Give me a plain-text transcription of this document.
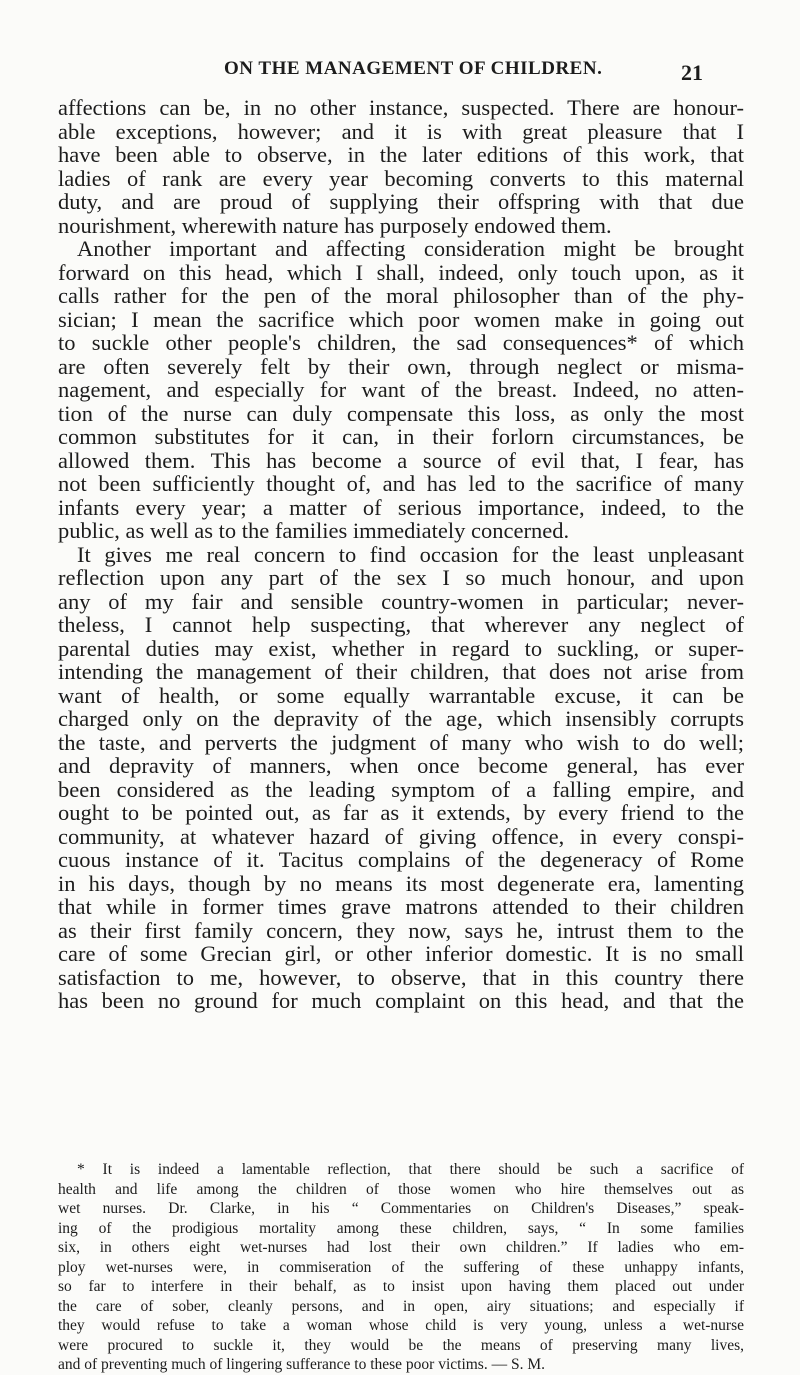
ON THE MANAGEMENT OF CHILDREN.	21
affections can be, in no other instance, suspected. There are honour-
able exceptions, however; and it is with great pleasure that I
have been able to observe, in the later editions of this work, that
ladies of rank are every year becoming converts to this maternal
duty, and are proud of supplying their offspring with that due
nourishment, wherewith nature has purposely endowed them.
Another important and affecting consideration might be brought
forward on this head, which I shall, indeed, only touch upon, as it
calls rather for the pen of the moral philosopher than of the phy-
sician; I mean the sacrifice which poor women make in going out
to suckle other people's children, the sad consequences* of which
are often severely felt by their own, through neglect or misma-
nagement, and especially for want of the breast. Indeed, no atten-
tion of the nurse can duly compensate this loss, as only the most
common substitutes for it can, in their forlorn circumstances, be
allowed them. This has become a source of evil that, I fear, has
not been sufficiently thought of, and has led to the sacrifice of many
infants every year; a matter of serious importance, indeed, to the
public, as well as to the families immediately concerned.
It gives me real concern to find occasion for the least unpleasant
reflection upon any part of the sex I so much honour, and upon
any of my fair and sensible country-women in particular; never-
theless, I cannot help suspecting, that wherever any neglect of
parental duties may exist, whether in regard to suckling, or super-
intending the management of their children, that does not arise from
want of health, or some equally warrantable excuse, it can be
charged only on the depravity of the age, which insensibly corrupts
the taste, and perverts the judgment of many who wish to do well;
and depravity of manners, when once become general, has ever
been considered as the leading symptom of a falling empire, and
ought to be pointed out, as far as it extends, by every friend to the
community, at whatever hazard of giving offence, in every conspi-
cuous instance of it. Tacitus complains of the degeneracy of Rome
in his days, though by no means its most degenerate era, lamenting
that while in former times grave matrons attended to their children
as their first family concern, they now, says he, intrust them to the
care of some Grecian girl, or other inferior domestic. It is no small
satisfaction to me, however, to observe, that in this country there
has been no ground for much complaint on this head, and that the
* It is indeed a lamentable reflection, that there should be such a sacrifice of
health and life among the children of those women who hire themselves out as
wet nurses. Dr. Clarke, in his “ Commentaries on Children's Diseases,” speak-
ing of the prodigious mortality among these children, says, “ In some families
six, in others eight wet-nurses had lost their own children.” If ladies who em-
ploy wet-nurses were, in commiseration of the suffering of these unhappy infants,
so far to interfere in their behalf, as to insist upon having them placed out under
the care of sober, cleanly persons, and in open, airy situations; and especially if
they would refuse to take a woman whose child is very young, unless a wet-nurse
were procured to suckle it, they would be the means of preserving many lives,
and of preventing much of lingering sufferance to these poor victims. — S. M.
